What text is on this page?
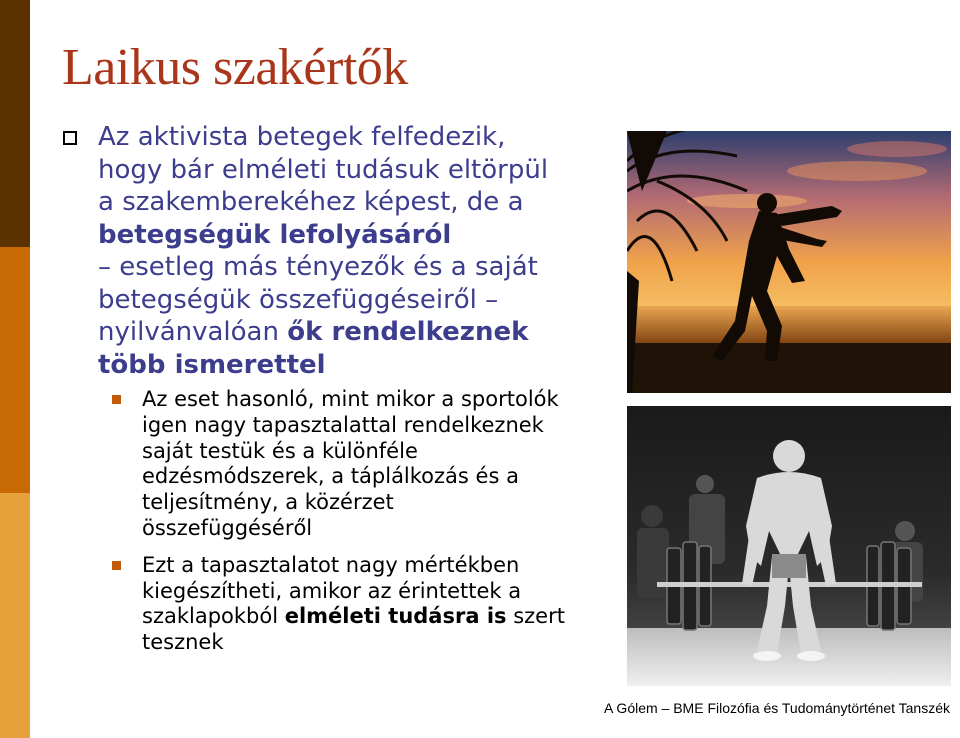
Laikus szakértők
Az aktivista betegek felfedezik,
hogy bár elméleti tudásuk eltörpül
a szakemberekéhez képest, de a
betegségük lefolyásáról
– esetleg más tényezők és a saját
betegségük összefüggéseiről –
nyilvánvalóan ők rendelkeznek
több ismerettel
Az eset hasonló, mint mikor a sportolók
igen nagy tapasztalattal rendelkeznek
saját testük és a különféle
edzésmódszerek, a táplálkozás és a
teljesítmény, a közérzet
összefüggéséről
Ezt a tapasztalatot nagy mértékben
kiegészítheti, amikor az érintettek a
szaklapokból elméleti tudásra is szert
tesznek
A Gólem – BME Filozófia és Tudománytörténet Tanszék
